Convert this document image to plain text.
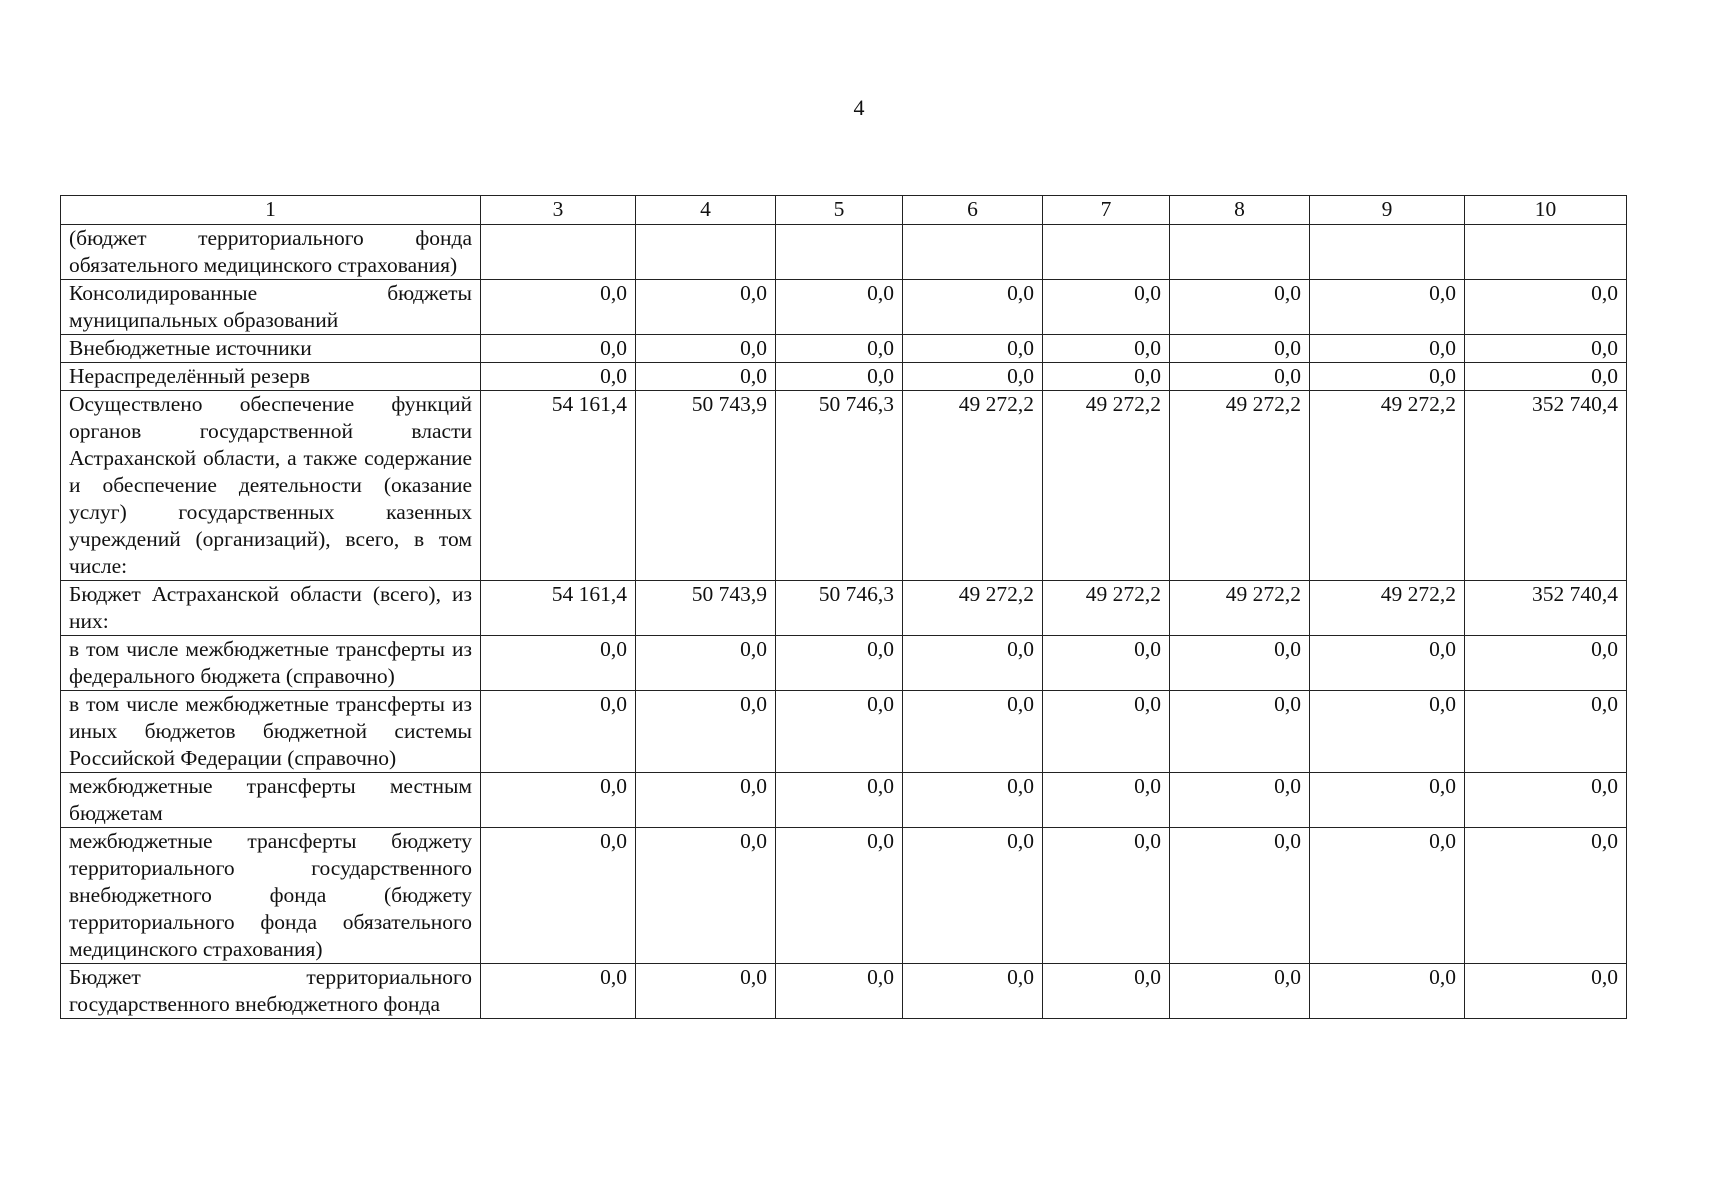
4
1	3	4	5	6	7	8	9	10
(бюджет территориального фонда обязательного медицинского страхования)								
Консолидированные бюджеты муниципальных образований	0,0	0,0	0,0	0,0	0,0	0,0	0,0	0,0
Внебюджетные источники	0,0	0,0	0,0	0,0	0,0	0,0	0,0	0,0
Нераспределённый резерв	0,0	0,0	0,0	0,0	0,0	0,0	0,0	0,0
Осуществлено обеспечение функций органов государственной власти Астраханской области, а также содержание и обеспечение деятельности (оказание услуг) государственных казенных учреждений (организаций), всего, в том числе:	54 161,4	50 743,9	50 746,3	49 272,2	49 272,2	49 272,2	49 272,2	352 740,4
Бюджет Астраханской области (всего), из них:	54 161,4	50 743,9	50 746,3	49 272,2	49 272,2	49 272,2	49 272,2	352 740,4
в том числе межбюджетные трансферты из федерального бюджета (справочно)	0,0	0,0	0,0	0,0	0,0	0,0	0,0	0,0
в том числе межбюджетные трансферты из иных бюджетов бюджетной системы Российской Федерации (справочно)	0,0	0,0	0,0	0,0	0,0	0,0	0,0	0,0
межбюджетные трансферты местным бюджетам	0,0	0,0	0,0	0,0	0,0	0,0	0,0	0,0
межбюджетные трансферты бюджету территориального государственного внебюджетного фонда (бюджету территориального фонда обязательного медицинского страхования)	0,0	0,0	0,0	0,0	0,0	0,0	0,0	0,0
Бюджет территориального государственного внебюджетного фонда	0,0	0,0	0,0	0,0	0,0	0,0	0,0	0,0
